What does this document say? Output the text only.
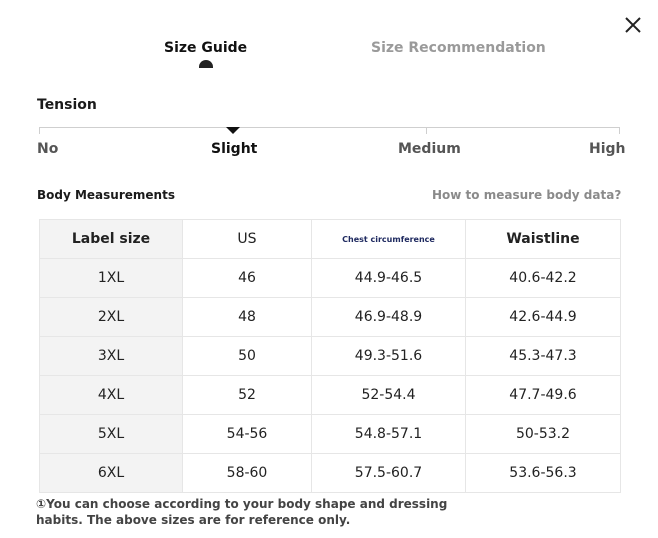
Size Guide	Size Recommendation
Tension
No	Slight	Medium	High
Body Measurements	How to measure body data?
Label size	US	Chest circumference	Waistline
1XL	46	44.9-46.5	40.6-42.2
2XL	48	46.9-48.9	42.6-44.9
3XL	50	49.3-51.6	45.3-47.3
4XL	52	52-54.4	47.7-49.6
5XL	54-56	54.8-57.1	50-53.2
6XL	58-60	57.5-60.7	53.6-56.3
①You can choose according to your body shape and dressing habits. The above sizes are for reference only.
